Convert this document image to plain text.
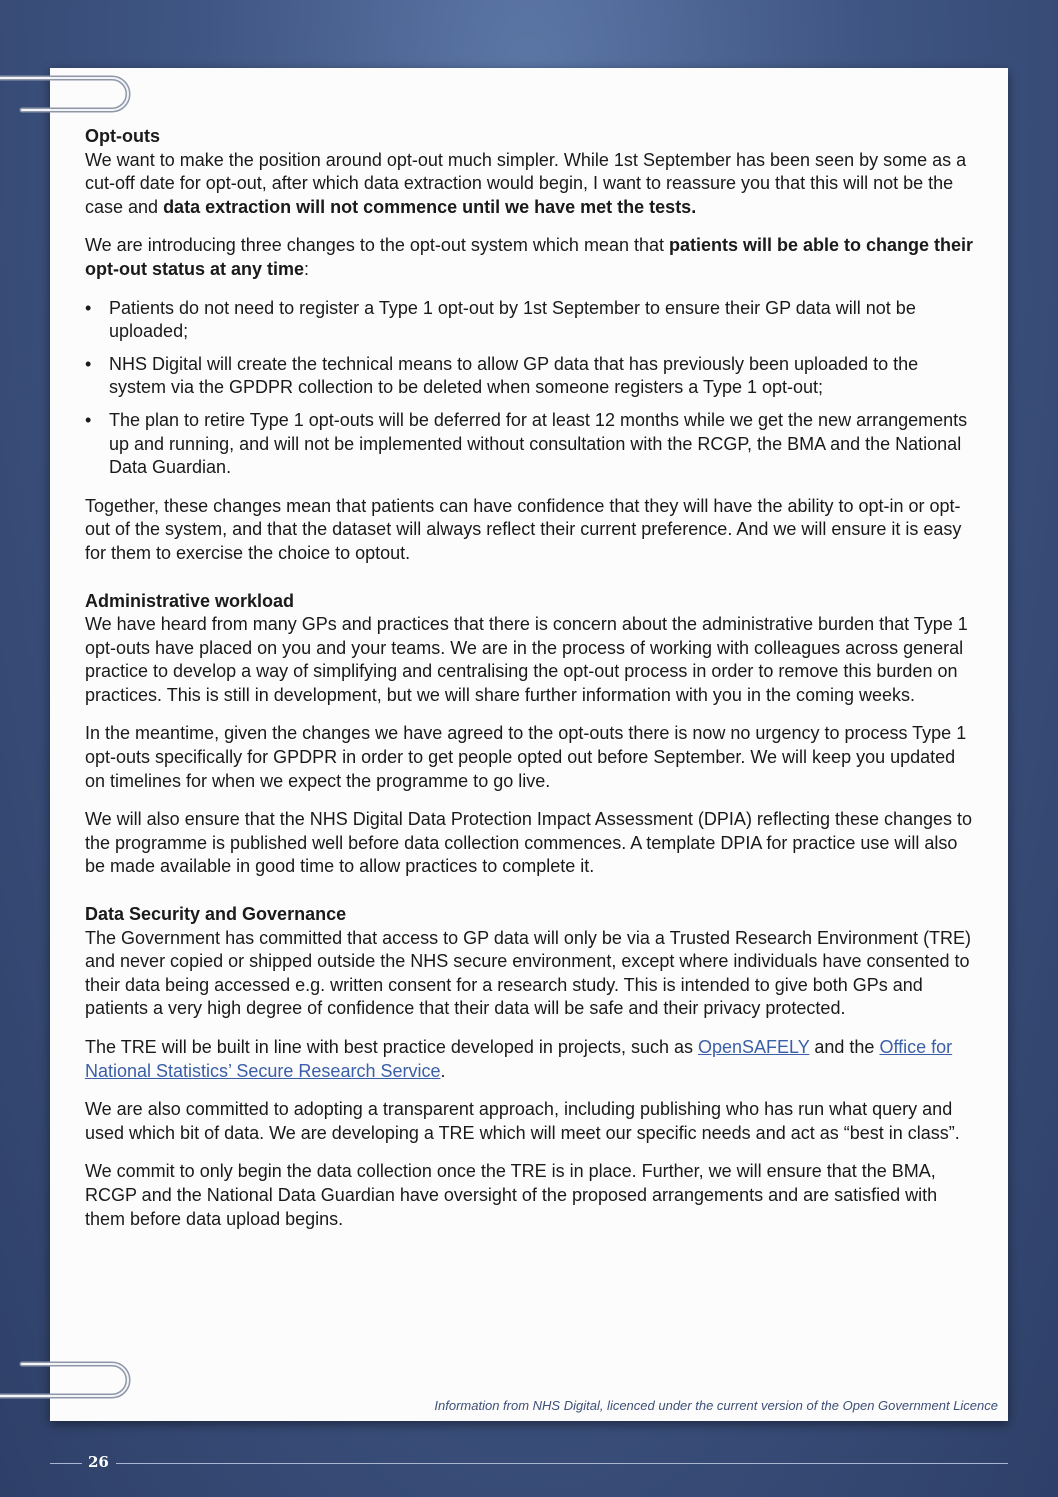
Opt-outs

We want to make the position around opt-out much simpler. While 1st September has been seen by some as a cut-off date for opt-out, after which data extraction would begin, I want to reassure you that this will not be the case and data extraction will not commence until we have met the tests.

We are introducing three changes to the opt-out system which mean that patients will be able to change their opt-out status at any time:

• Patients do not need to register a Type 1 opt-out by 1st September to ensure their GP data will not be uploaded;
• NHS Digital will create the technical means to allow GP data that has previously been uploaded to the system via the GPDPR collection to be deleted when someone registers a Type 1 opt-out;
• The plan to retire Type 1 opt-outs will be deferred for at least 12 months while we get the new arrangements up and running, and will not be implemented without consultation with the RCGP, the BMA and the National Data Guardian.

Together, these changes mean that patients can have confidence that they will have the ability to opt-in or opt-out of the system, and that the dataset will always reflect their current preference. And we will ensure it is easy for them to exercise the choice to optout.

Administrative workload

We have heard from many GPs and practices that there is concern about the administrative burden that Type 1 opt-outs have placed on you and your teams. We are in the process of working with colleagues across general practice to develop a way of simplifying and centralising the opt-out process in order to remove this burden on practices. This is still in development, but we will share further information with you in the coming weeks.

In the meantime, given the changes we have agreed to the opt-outs there is now no urgency to process Type 1 opt-outs specifically for GPDPR in order to get people opted out before September. We will keep you updated on timelines for when we expect the programme to go live.

We will also ensure that the NHS Digital Data Protection Impact Assessment (DPIA) reflecting these changes to the programme is published well before data collection commences. A template DPIA for practice use will also be made available in good time to allow practices to complete it.

Data Security and Governance

The Government has committed that access to GP data will only be via a Trusted Research Environment (TRE) and never copied or shipped outside the NHS secure environment, except where individuals have consented to their data being accessed e.g. written consent for a research study. This is intended to give both GPs and patients a very high degree of confidence that their data will be safe and their privacy protected.

The TRE will be built in line with best practice developed in projects, such as OpenSAFELY and the Office for National Statistics’ Secure Research Service.

We are also committed to adopting a transparent approach, including publishing who has run what query and used which bit of data. We are developing a TRE which will meet our specific needs and act as “best in class”.

We commit to only begin the data collection once the TRE is in place. Further, we will ensure that the BMA, RCGP and the National Data Guardian have oversight of the proposed arrangements and are satisfied with them before data upload begins.

Information from NHS Digital, licenced under the current version of the Open Government Licence
26
